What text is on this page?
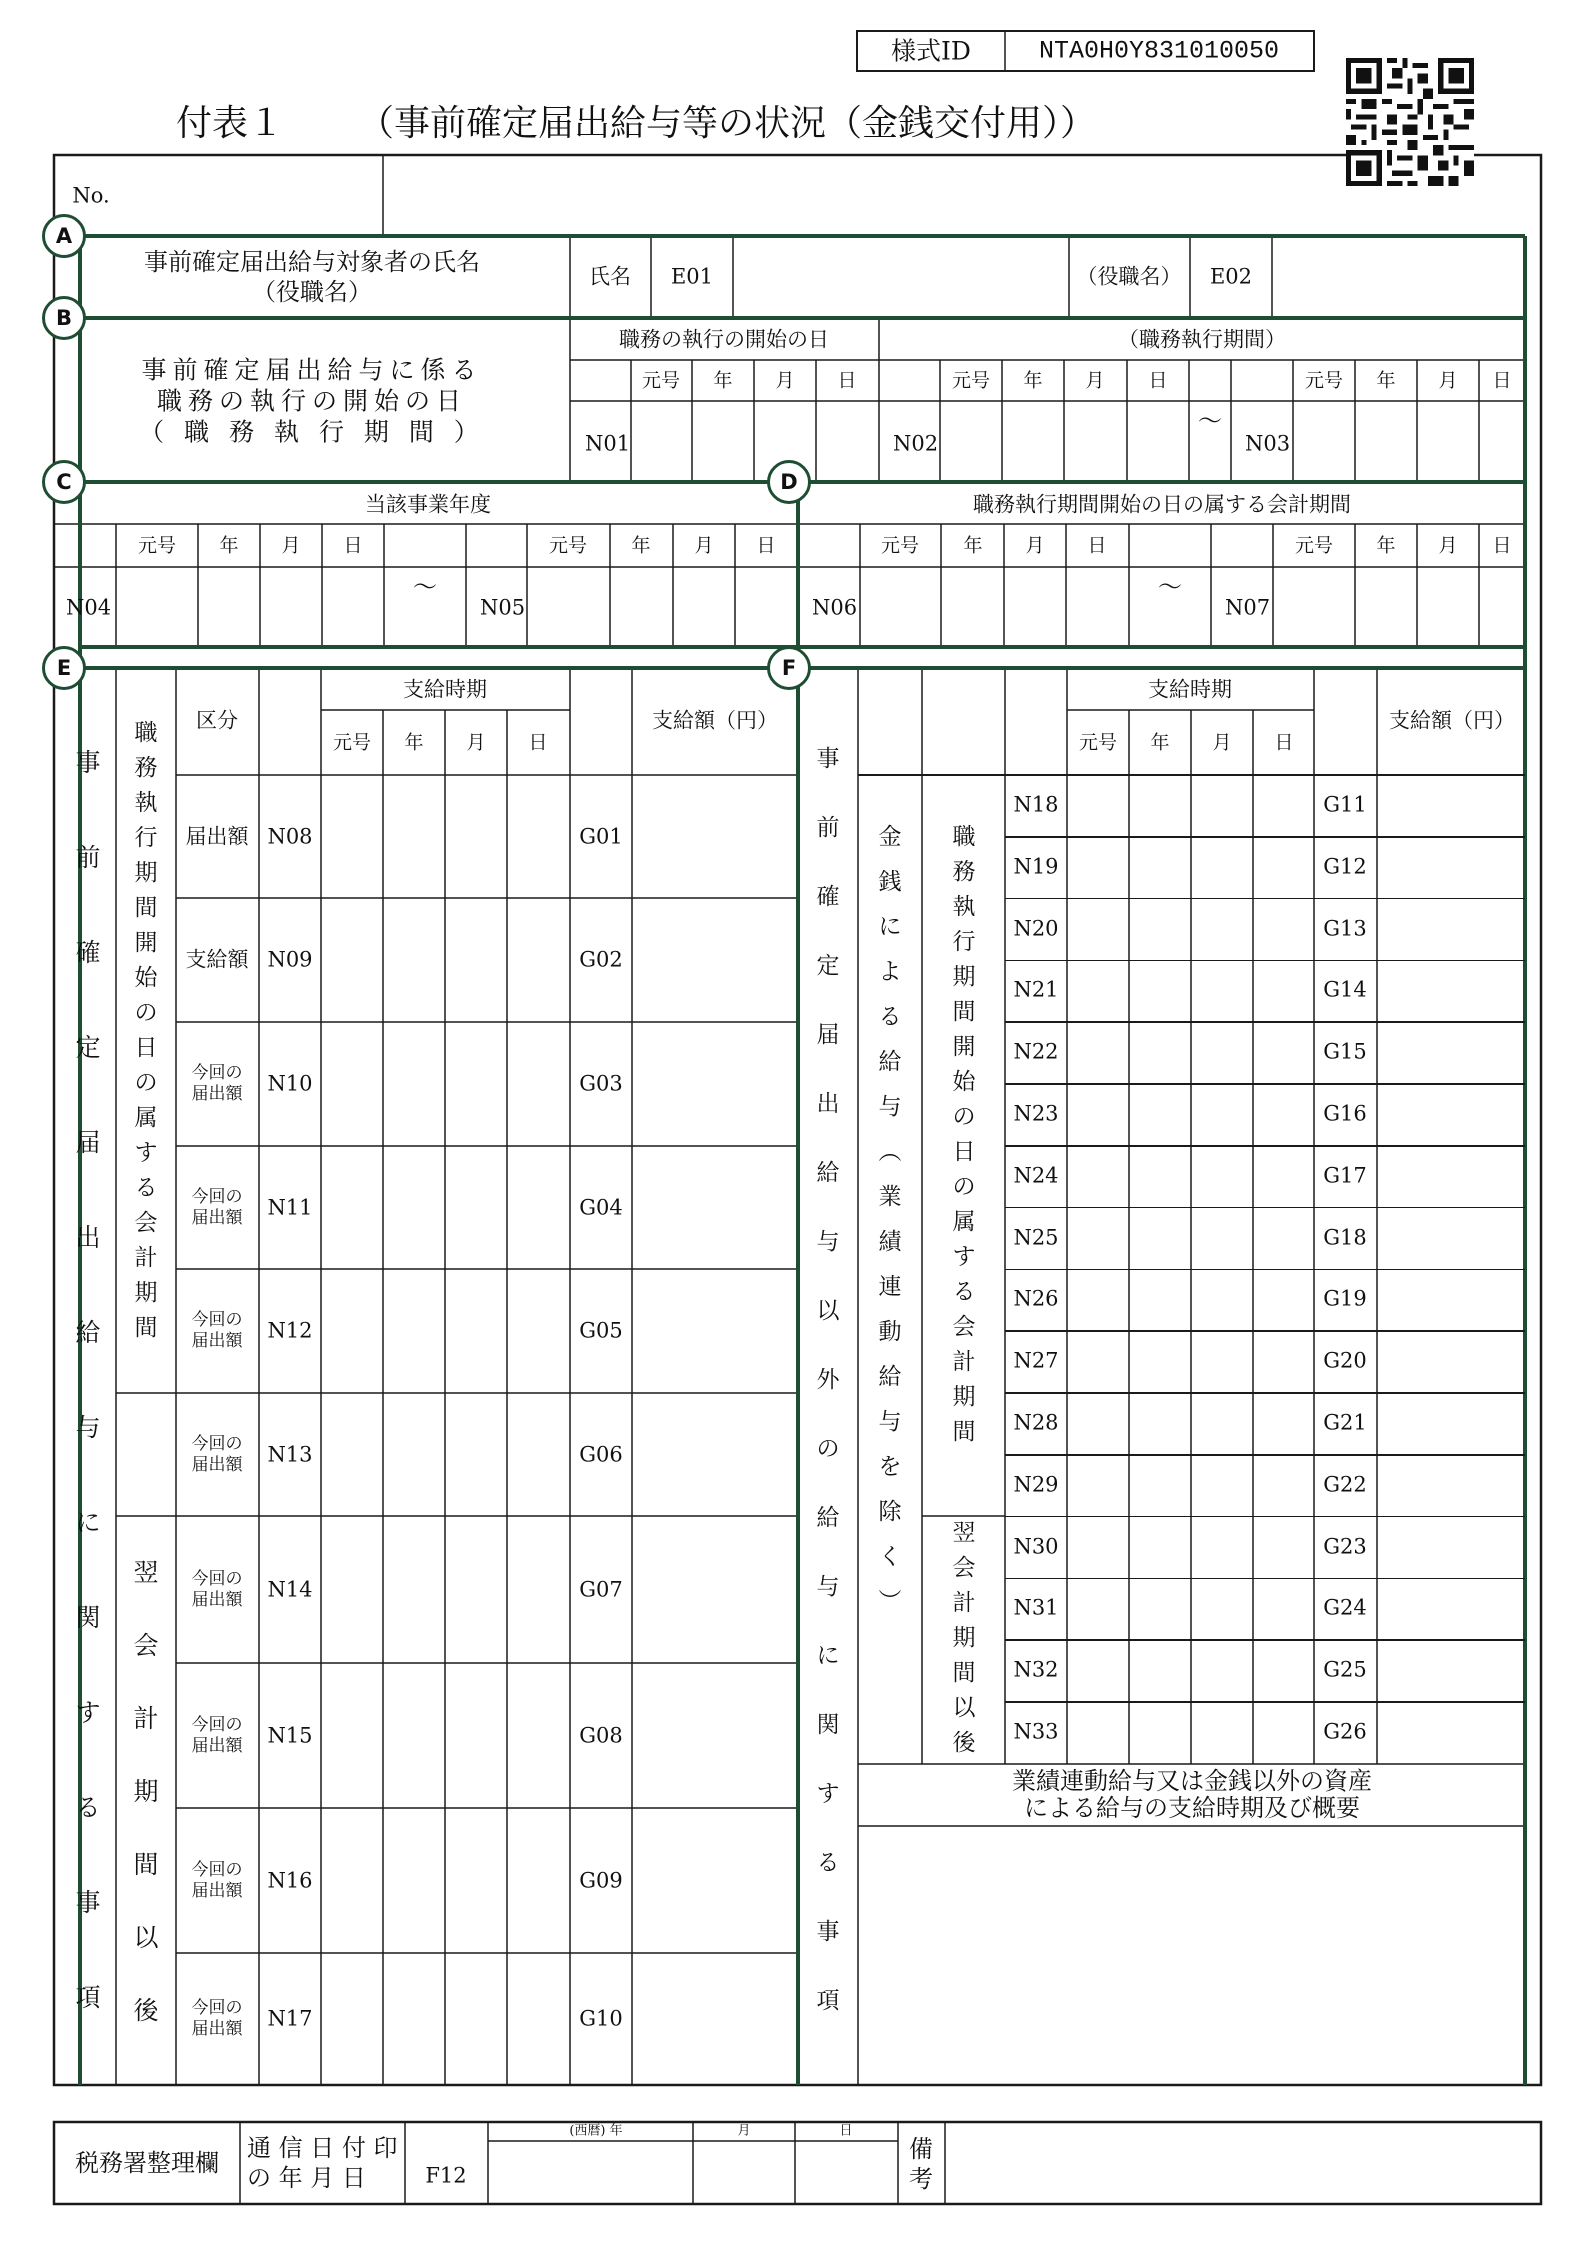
様式ID	NTA0H0Y831010050
付表１ （事前確定届出給与等の状況（金銭交付用））
No.
A
B
C	D
E	F
事前確定届出給与対象者の氏名
（役職名）
氏名 E01	（役職名） E02
事前確定届出給与に係る
職務の執行の開始の日
（ 職 務 執 行 期 間 ）
職務の執行の開始の日	（職務執行期間）
元号 年 月 日	元号 年 月 日	元号 年 月 日
～
N01	N02	N03
当該事業年度
元号 年 月 日	元号 年 月 日
～
N04	N05
職務執行期間開始の日の属する会計期間
元号 年 月 日	元号 年 月 日
～
N06	N07
事
前
確
定
届
出
給
与
に
関
す
る
事
項
職
務
執
行
期
間
開
始
の
日
の
属
す
る
会
計
期
間
翌
会
計
期
間
以
後
区分
支給時期
元号 年 月 日
支給額（円）
届出額 N08	G01
支給額 N09	G02
今回の
届出額 N10	G03
今回の
届出額 N11	G04
今回の
届出額 N12	G05
今回の
届出額 N13	G06
今回の
届出額 N14	G07
今回の
届出額 N15	G08
今回の
届出額 N16	G09
今回の
届出額 N17	G10
事
前
確
定
届
出
給
与
以
外
の
給
与
に
関
す
る
事
項
金
銭
に
よ
る
給
与
︵
業
績
連
動
給
与
を
除
く
︶
職
務
執
行
期
間
開
始
の
日
の
属
す
る
会
計
期
間
翌
会
計
期
間
以
後
支給時期
元号 年 月 日
支給額（円）
N18	G11
N19	G12
N20	G13
N21	G14
N22	G15
N23	G16
N24	G17
N25	G18
N26	G19
N27	G20
N28	G21
N29	G22
N30	G23
N31	G24
N32	G25
N33	G26
業績連動給与又は金銭以外の資産
による給与の支給時期及び概要
税務署整理欄
通 信 日 付 印
の 年 月 日	F12
(西暦) 年	月	日
備
考
